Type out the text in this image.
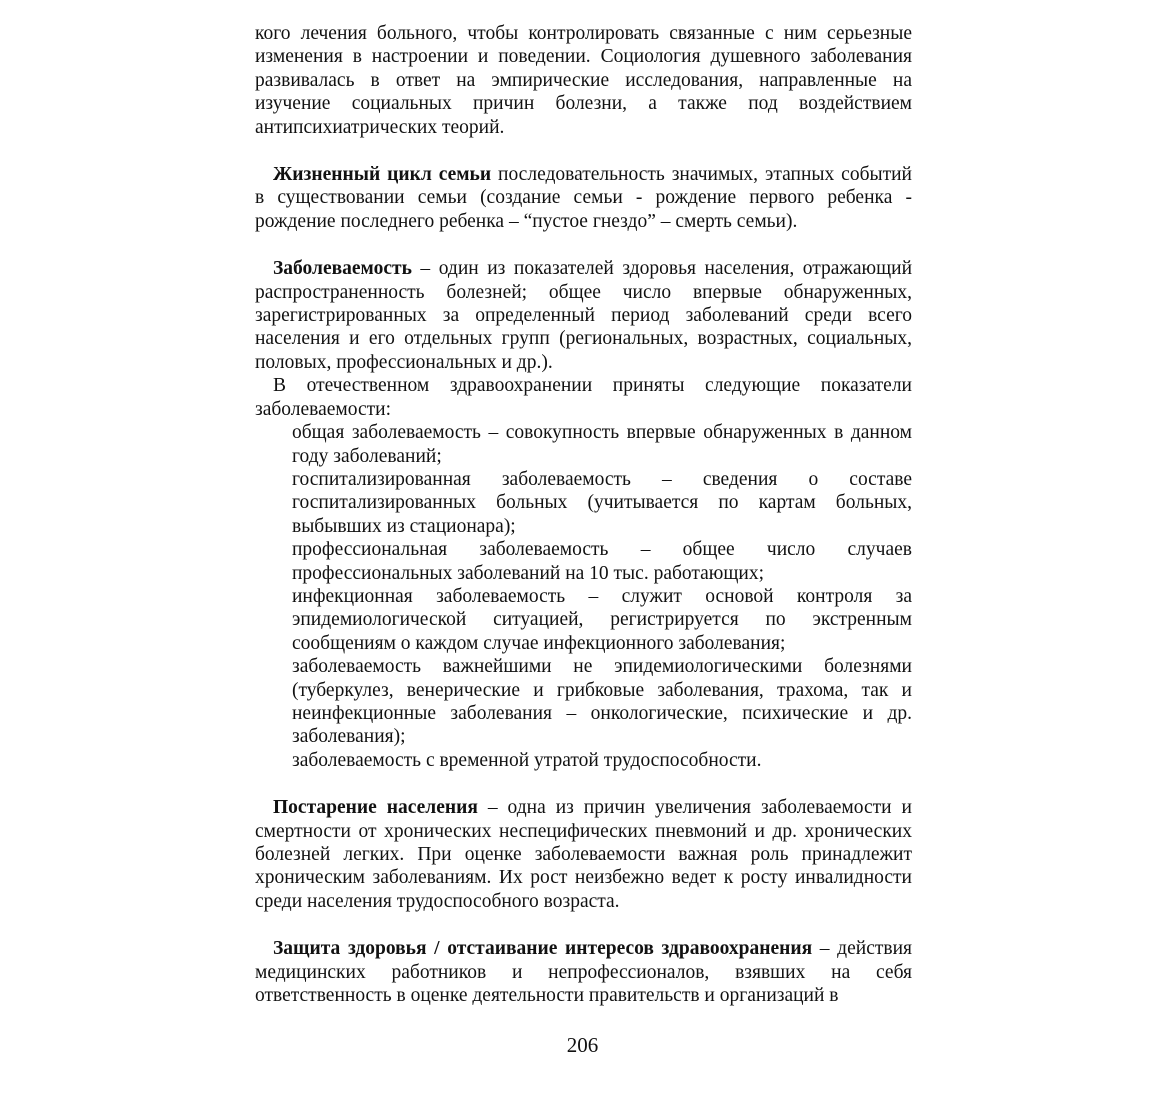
кого лечения больного, чтобы контролировать связанные с ним серьезные изменения в настроении и поведении. Социология душевного заболевания развивалась в ответ на эмпирические исследования, направленные на изучение социальных причин болезни, а также под воздействием антипсихиатрических теорий.

Жизненный цикл семьи последовательность значимых, этапных событий в существовании семьи (создание семьи - рождение первого ребенка - рождение последнего ребенка – “пустое гнездо” – смерть семьи).

Заболеваемость – один из показателей здоровья населения, отражающий распространенность болезней; общее число впервые обнаруженных, зарегистрированных за определенный период заболеваний среди всего населения и его отдельных групп (региональных, возрастных, социальных, половых, профессиональных и др.).

В отечественном здравоохранении приняты следующие показатели заболеваемости:

общая заболеваемость – совокупность впервые обнаруженных в данном году заболеваний;
госпитализированная заболеваемость – сведения о составе госпитализированных больных (учитывается по картам больных, выбывших из стационара);
профессиональная заболеваемость – общее число случаев профессиональных заболеваний на 10 тыс. работающих;
инфекционная заболеваемость – служит основой контроля за эпидемиологической ситуацией, регистрируется по экстренным сообщениям о каждом случае инфекционного заболевания;
заболеваемость важнейшими не эпидемиологическими болезнями (туберкулез, венерические и грибковые заболевания, трахома, так и неинфекционные заболевания – онкологические, психические и др. заболевания);
заболеваемость с временной утратой трудоспособности.

Постарение населения – одна из причин увеличения заболеваемости и смертности от хронических неспецифических пневмоний и др. хронических болезней легких. При оценке заболеваемости важная роль принадлежит хроническим заболеваниям. Их рост неизбежно ведет к росту инвалидности среди населения трудоспособного возраста.

Защита здоровья / отстаивание интересов здравоохранения – действия медицинских работников и непрофессионалов, взявших на себя ответственность в оценке деятельности правительств и организаций в

206
